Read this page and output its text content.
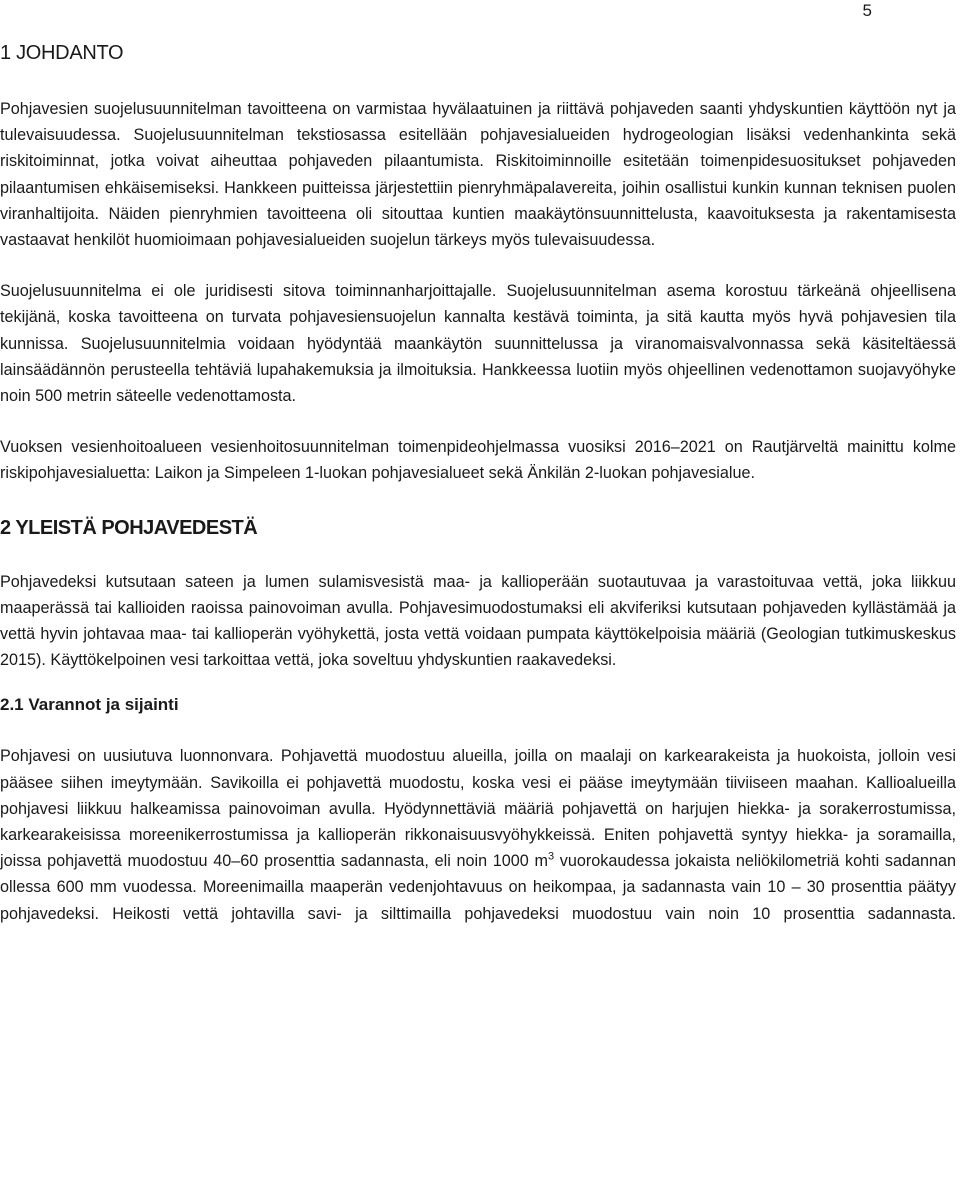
5
1 JOHDANTO

Pohjavesien suojelusuunnitelman tavoitteena on varmistaa hyvälaatuinen ja riittävä pohjaveden saanti yhdyskuntien käyttöön nyt ja tulevaisuudessa. Suojelusuunnitelman tekstiosassa esitellään pohjavesialueiden hydrogeologian lisäksi vedenhankinta sekä riskitoiminnat, jotka voivat aiheuttaa pohjaveden pilaantumista. Riskitoiminnoille esitetään toimenpidesuositukset pohjaveden pilaantumisen ehkäisemiseksi. Hankkeen puitteissa järjestettiin pienryhmäpalavereita, joihin osallistui kunkin kunnan teknisen puolen viranhaltijoita. Näiden pienryhmien tavoitteena oli sitouttaa kuntien maakäytönsuunnittelusta, kaavoituksesta ja rakentamisesta vastaavat henkilöt huomioimaan pohjavesialueiden suojelun tärkeys myös tulevaisuudessa.

Suojelusuunnitelma ei ole juridisesti sitova toiminnanharjoittajalle. Suojelusuunnitelman asema korostuu tärkeänä ohjeellisena tekijänä, koska tavoitteena on turvata pohjavesiensuojelun kannalta kestävä toiminta, ja sitä kautta myös hyvä pohjavesien tila kunnissa. Suojelusuunnitelmia voidaan hyödyntää maankäytön suunnittelussa ja viranomaisvalvonnassa sekä käsiteltäessä lainsäädännön perusteella tehtäviä lupahakemuksia ja ilmoituksia. Hankkeessa luotiin myös ohjeellinen vedenottamon suojavyöhyke noin 500 metrin säteelle vedenottamosta.

Vuoksen vesienhoitoalueen vesienhoitosuunnitelman toimenpideohjelmassa vuosiksi 2016–2021 on Rautjärveltä mainittu kolme riskipohjavesialuetta: Laikon ja Simpeleen 1-luokan pohjavesialueet sekä Änkilän 2-luokan pohjavesialue.

2 YLEISTÄ POHJAVEDESTÄ

Pohjavedeksi kutsutaan sateen ja lumen sulamisvesistä maa- ja kallioperään suotautuvaa ja varastoituvaa vettä, joka liikkuu maaperässä tai kallioiden raoissa painovoiman avulla. Pohjavesimuodostumaksi eli akviferiksi kutsutaan pohjaveden kyllästämää ja vettä hyvin johtavaa maa- tai kallioperän vyöhykettä, josta vettä voidaan pumpata käyttökelpoisia määriä (Geologian tutkimuskeskus 2015). Käyttökelpoinen vesi tarkoittaa vettä, joka soveltuu yhdyskuntien raakavedeksi.

2.1 Varannot ja sijainti

Pohjavesi on uusiutuva luonnonvara. Pohjavettä muodostuu alueilla, joilla on maalaji on karkearakeista ja huokoista, jolloin vesi pääsee siihen imeytymään. Savikoilla ei pohjavettä muodostu, koska vesi ei pääse imeytymään tiiviiseen maahan. Kallioalueilla pohjavesi liikkuu halkeamissa painovoiman avulla. Hyödynnettäviä määriä pohjavettä on harjujen hiekka- ja sorakerrostumissa, karkearakeisissa moreenikerrostumissa ja kallioperän rikkonaisuusvyöhykkeissä. Eniten pohjavettä syntyy hiekka- ja soramailla, joissa pohjavettä muodostuu 40–60 prosenttia sadannasta, eli noin 1000 $m^3$ vuorokaudessa jokaista neliökilometriä kohti sadannan ollessa 600 mm vuodessa. Moreenimailla maaperän vedenjohtavuus on heikompaa, ja sadannasta vain 10 – 30 prosenttia päätyy pohjavedeksi. Heikosti vettä johtavilla savi- ja silttimailla pohjavedeksi muodostuu vain noin 10 prosenttia sadannasta.
